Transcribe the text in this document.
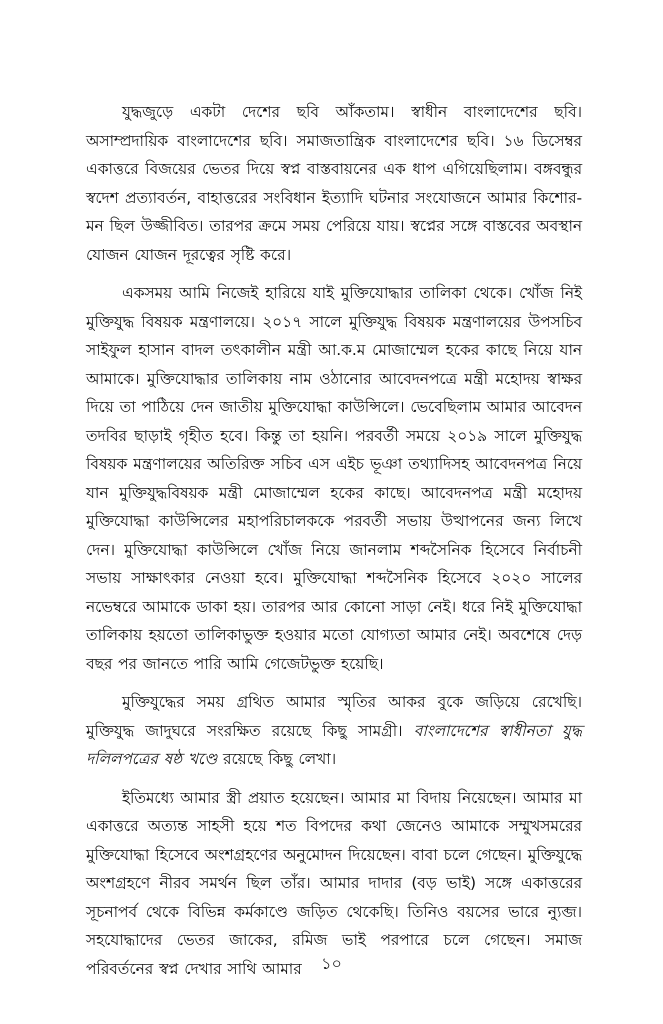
যুদ্ধজুড়ে একটা দেশের ছবি আঁকতাম। স্বাধীন বাংলাদেশের ছবি। অসাম্প্রদায়িক বাংলাদেশের ছবি। সমাজতান্ত্রিক বাংলাদেশের ছবি। ১৬ ডিসেম্বর একাত্তরে বিজয়ের ভেতর দিয়ে স্বপ্ন বাস্তবায়নের এক ধাপ এগিয়েছিলাম। বঙ্গবন্ধুর স্বদেশ প্রত্যাবর্তন, বাহাত্তরের সংবিধান ইত্যাদি ঘটনার সংযোজনে আমার কিশোর-মন ছিল উজ্জীবিত। তারপর ক্রমে সময় পেরিয়ে যায়। স্বপ্নের সঙ্গে বাস্তবের অবস্থান যোজন যোজন দূরত্বের সৃষ্টি করে।

একসময় আমি নিজেই হারিয়ে যাই মুক্তিযোদ্ধার তালিকা থেকে। খোঁজ নিই মুক্তিযুদ্ধ বিষয়ক মন্ত্রণালয়ে। ২০১৭ সালে মুক্তিযুদ্ধ বিষয়ক মন্ত্রণালয়ের উপসচিব সাইফুল হাসান বাদল তৎকালীন মন্ত্রী আ.ক.ম মোজাম্মেল হকের কাছে নিয়ে যান আমাকে। মুক্তিযোদ্ধার তালিকায় নাম ওঠানোর আবেদনপত্রে মন্ত্রী মহোদয় স্বাক্ষর দিয়ে তা পাঠিয়ে দেন জাতীয় মুক্তিযোদ্ধা কাউন্সিলে। ভেবেছিলাম আমার আবেদন তদবির ছাড়াই গৃহীত হবে। কিন্তু তা হয়নি। পরবর্তী সময়ে ২০১৯ সালে মুক্তিযুদ্ধ বিষয়ক মন্ত্রণালয়ের অতিরিক্ত সচিব এস এইচ ভূঞা তথ্যাদিসহ আবেদনপত্র নিয়ে যান মুক্তিযুদ্ধবিষয়ক মন্ত্রী মোজাম্মেল হকের কাছে। আবেদনপত্র মন্ত্রী মহোদয় মুক্তিযোদ্ধা কাউন্সিলের মহাপরিচালককে পরবর্তী সভায় উত্থাপনের জন্য লিখে দেন। মুক্তিযোদ্ধা কাউন্সিলে খোঁজ নিয়ে জানলাম শব্দসৈনিক হিসেবে নির্বাচনী সভায় সাক্ষাৎকার নেওয়া হবে। মুক্তিযোদ্ধা শব্দসৈনিক হিসেবে ২০২০ সালের নভেম্বরে আমাকে ডাকা হয়। তারপর আর কোনো সাড়া নেই। ধরে নিই মুক্তিযোদ্ধা তালিকায় হয়তো তালিকাভুক্ত হওয়ার মতো যোগ্যতা আমার নেই। অবশেষে দেড় বছর পর জানতে পারি আমি গেজেটভুক্ত হয়েছি।

মুক্তিযুদ্ধের সময় গ্রথিত আমার স্মৃতির আকর বুকে জড়িয়ে রেখেছি। মুক্তিযুদ্ধ জাদুঘরে সংরক্ষিত রয়েছে কিছু সামগ্রী। বাংলাদেশের স্বাধীনতা যুদ্ধ দলিলপত্রের ষষ্ঠ খণ্ডে রয়েছে কিছু লেখা।

ইতিমধ্যে আমার স্ত্রী প্রয়াত হয়েছেন। আমার মা বিদায় নিয়েছেন। আমার মা একাত্তরে অত্যন্ত সাহসী হয়ে শত বিপদের কথা জেনেও আমাকে সম্মুখসমরের মুক্তিযোদ্ধা হিসেবে অংশগ্রহণের অনুমোদন দিয়েছেন। বাবা চলে গেছেন। মুক্তিযুদ্ধে অংশগ্রহণে নীরব সমর্থন ছিল তাঁর। আমার দাদার (বড় ভাই) সঙ্গে একাত্তরের সূচনাপর্ব থেকে বিভিন্ন কর্মকাণ্ডে জড়িত থেকেছি। তিনিও বয়সের ভারে ন্যুব্জ। সহযোদ্ধাদের ভেতর জাকের, রমিজ ভাই পরপারে চলে গেছেন। সমাজ পরিবর্তনের স্বপ্ন দেখার সাথি আমার	১০
